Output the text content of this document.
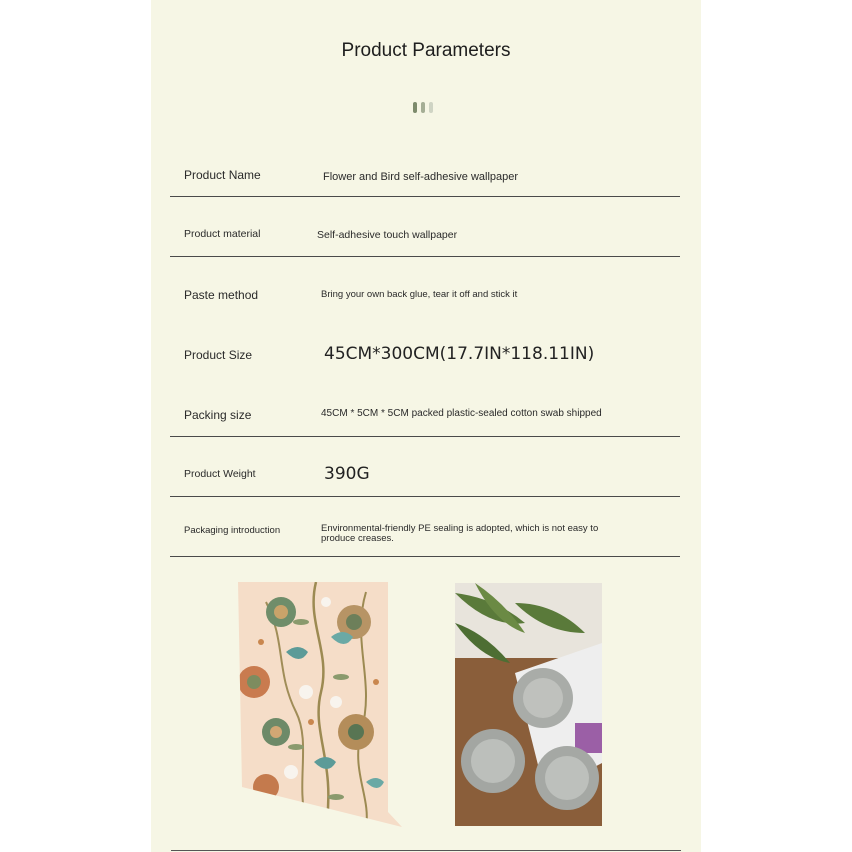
Product Parameters
Product Name	Flower and Bird self-adhesive wallpaper
Product material	Self-adhesive touch wallpaper
Paste method	Bring your own back glue, tear it off and stick it
Product Size	45CM*300CM(17.7IN*118.11IN)
Packing size	45CM * 5CM * 5CM packed plastic-sealed cotton swab shipped
Product Weight	390G
Packaging introduction	Environmental-friendly PE sealing is adopted, which is not easy to produce creases.
